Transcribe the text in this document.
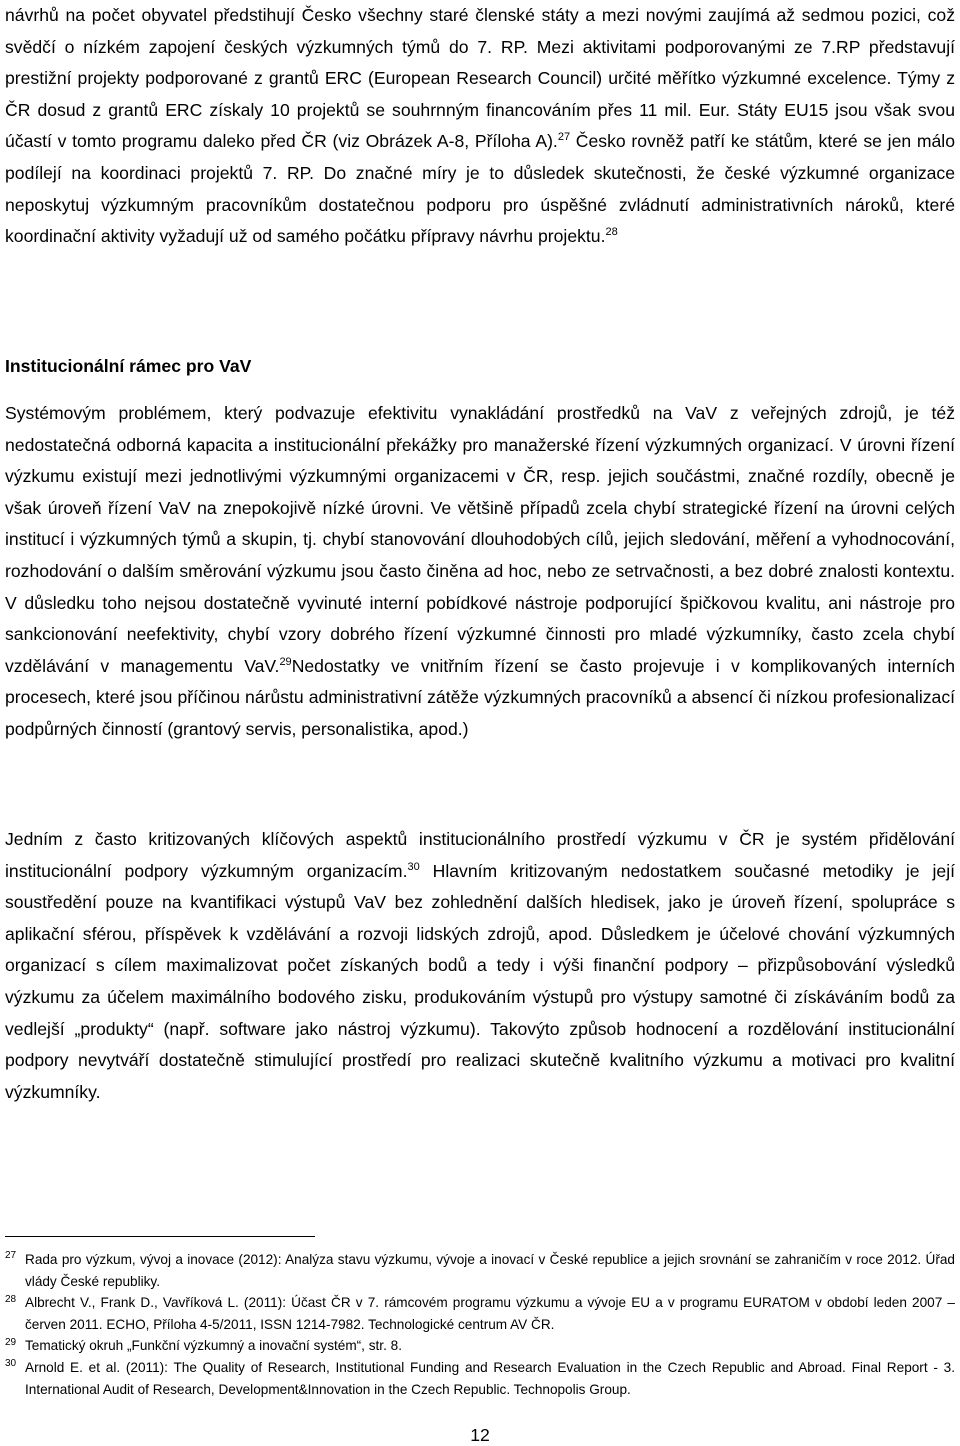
návrhů na počet obyvatel předstihují Česko všechny staré členské státy a mezi novými zaujímá až sedmou pozici, což svědčí o nízkém zapojení českých výzkumných týmů do 7. RP. Mezi aktivitami podporovanými ze 7.RP představují prestižní projekty podporované z grantů ERC (European Research Council) určité měřítko výzkumné excelence. Týmy z ČR dosud z grantů ERC získaly 10 projektů se souhrnným financováním přes 11 mil. Eur. Státy EU15 jsou však svou účastí v tomto programu daleko před ČR (viz Obrázek A-8, Příloha A).$^{27}$ Česko rovněž patří ke státům, které se jen málo podílejí na koordinaci projektů 7. RP. Do značné míry je to důsledek skutečnosti, že české výzkumné organizace neposkytuj výzkumným pracovníkům dostatečnou podporu pro úspěšné zvládnutí administrativních nároků, které koordinační aktivity vyžadují už od samého počátku přípravy návrhu projektu.$^{28}$

Institucionální rámec pro VaV

Systémovým problémem, který podvazuje efektivitu vynakládání prostředků na VaV z veřejných zdrojů, je též nedostatečná odborná kapacita a institucionální překážky pro manažerské řízení výzkumných organizací. V úrovni řízení výzkumu existují mezi jednotlivými výzkumnými organizacemi v ČR, resp. jejich součástmi, značné rozdíly, obecně je však úroveň řízení VaV na znepokojivě nízké úrovni. Ve většině případů zcela chybí strategické řízení na úrovni celých institucí i výzkumných týmů a skupin, tj. chybí stanovování dlouhodobých cílů, jejich sledování, měření a vyhodnocování, rozhodování o dalším směrování výzkumu jsou často činěna ad hoc, nebo ze setrvačnosti, a bez dobré znalosti kontextu. V důsledku toho nejsou dostatečně vyvinuté interní pobídkové nástroje podporující špičkovou kvalitu, ani nástroje pro sankcionování neefektivity, chybí vzory dobrého řízení výzkumné činnosti pro mladé výzkumníky, často zcela chybí vzdělávání v managementu VaV.$^{29}$Nedostatky ve vnitřním řízení se často projevuje i v komplikovaných interních procesech, které jsou příčinou nárůstu administrativní zátěže výzkumných pracovníků a absencí či nízkou profesionalizací podpůrných činností (grantový servis, personalistika, apod.)

Jedním z často kritizovaných klíčových aspektů institucionálního prostředí výzkumu v ČR je systém přidělování institucionální podpory výzkumným organizacím.$^{30}$ Hlavním kritizovaným nedostatkem současné metodiky je její soustředění pouze na kvantifikaci výstupů VaV bez zohlednění dalších hledisek, jako je úroveň řízení, spolupráce s aplikační sférou, příspěvek k vzdělávání a rozvoji lidských zdrojů, apod. Důsledkem je účelové chování výzkumných organizací s cílem maximalizovat počet získaných bodů a tedy i výši finanční podpory – přizpůsobování výsledků výzkumu za účelem maximálního bodového zisku, produkováním výstupů pro výstupy samotné či získáváním bodů za vedlejší „produkty“ (např. software jako nástroj výzkumu). Takovýto způsob hodnocení a rozdělování institucionální podpory nevytváří dostatečně stimulující prostředí pro realizaci skutečně kvalitního výzkumu a motivaci pro kvalitní výzkumníky.

$^{27}$ Rada pro výzkum, vývoj a inovace (2012): Analýza stavu výzkumu, vývoje a inovací v České republice a jejich srovnání se zahraničím v roce 2012. Úřad vlády České republiky.

$^{28}$ Albrecht V., Frank D., Vavříková L. (2011): Účast ČR v 7. rámcovém programu výzkumu a vývoje EU a v programu EURATOM v období leden 2007 – červen 2011. ECHO, Příloha 4-5/2011, ISSN 1214-7982. Technologické centrum AV ČR.

$^{29}$ Tematický okruh „Funkční výzkumný a inovační systém“, str. 8.

$^{30}$ Arnold E. et al. (2011): The Quality of Research, Institutional Funding and Research Evaluation in the Czech Republic and Abroad. Final Report - 3. International Audit of Research, Development&Innovation in the Czech Republic. Technopolis Group.

12
